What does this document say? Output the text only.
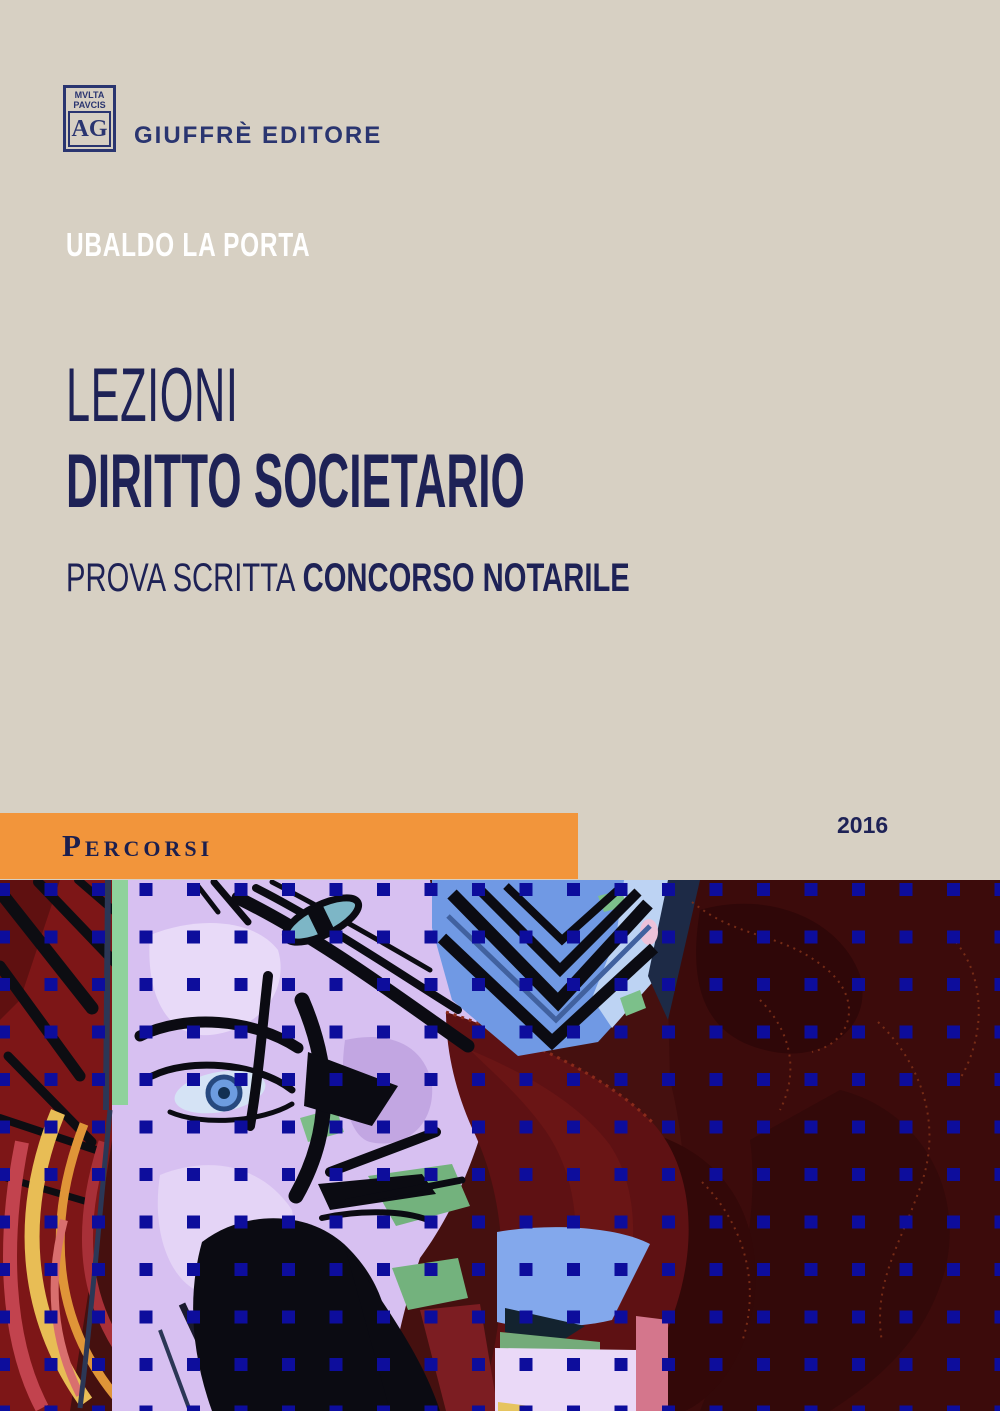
MVLTA
PAVCIS
AG GIUFFRÈ EDITORE
UBALDO LA PORTA
LEZIONI
DIRITTO SOCIETARIO
PROVA SCRITTA CONCORSO NOTARILE
Percorsi
2016
